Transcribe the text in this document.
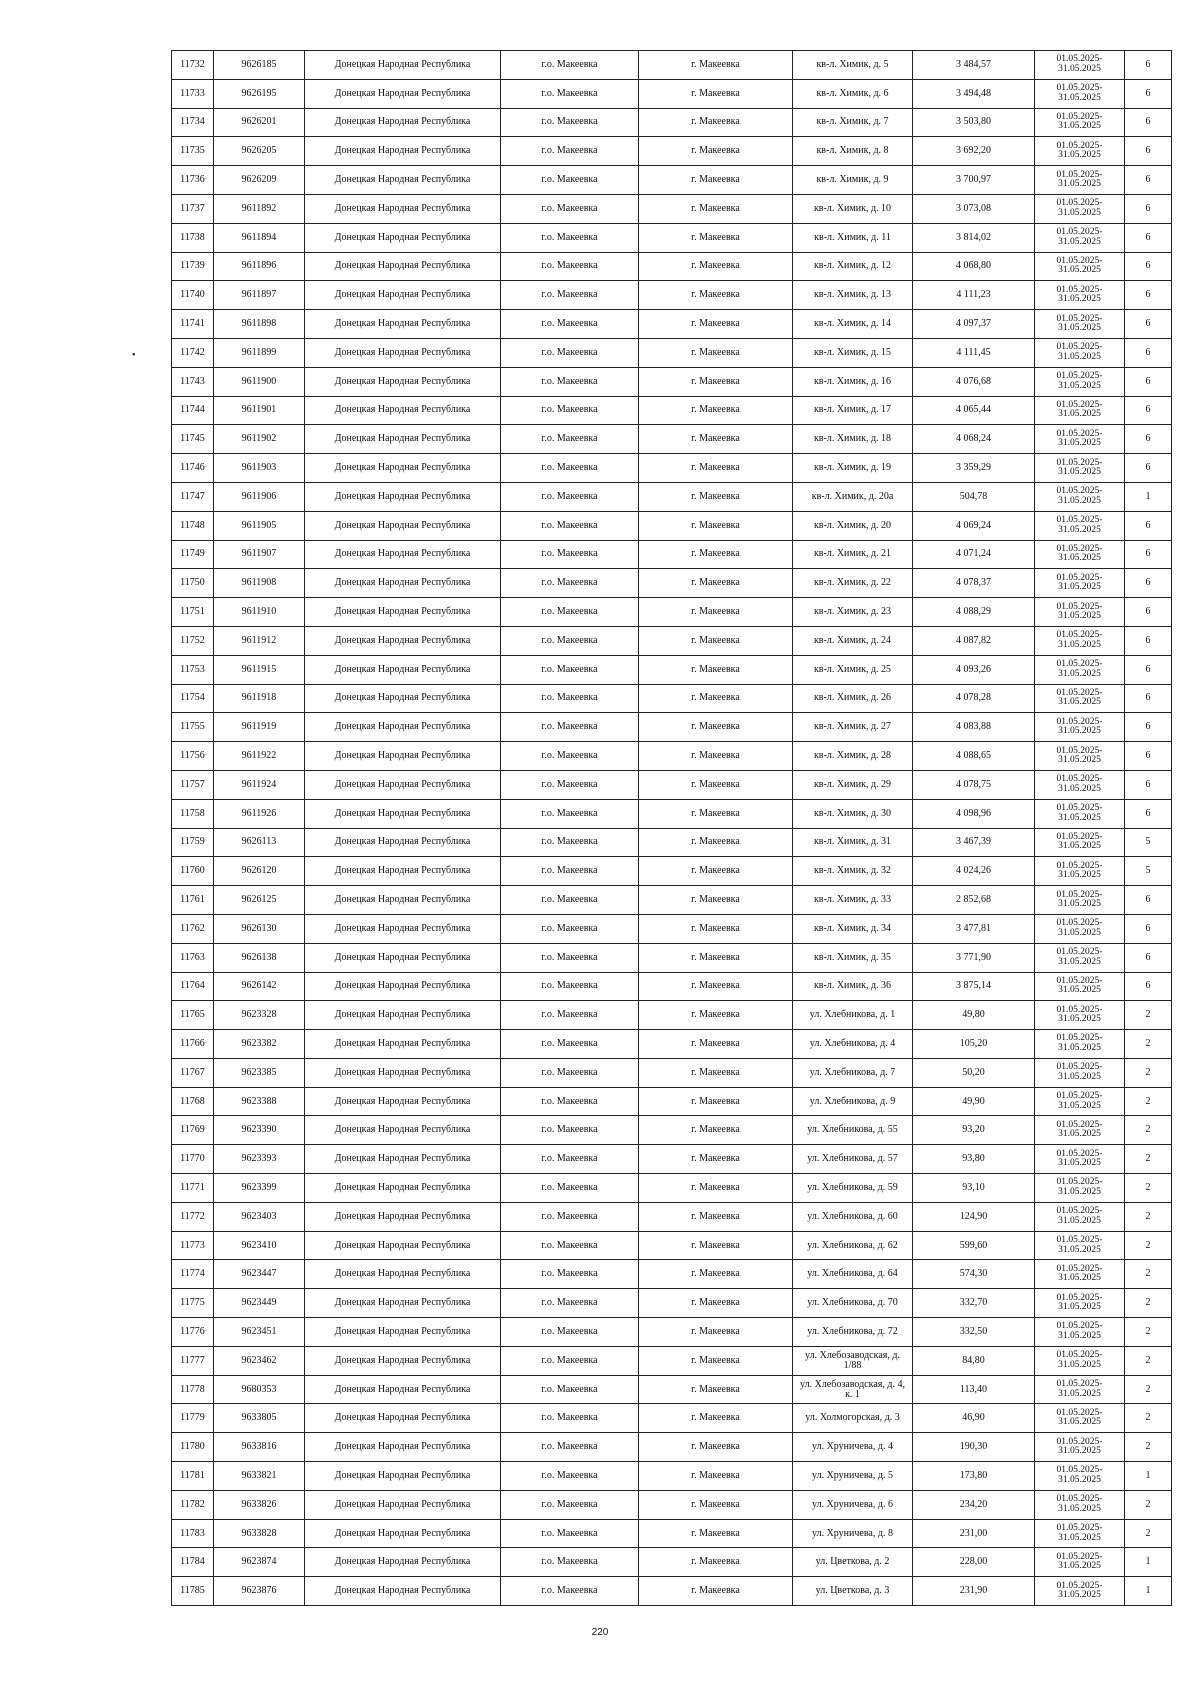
•
11732	9626185	Донецкая Народная Республика	г.о. Макеевка	г. Макеевка	кв-л. Химик, д. 5	3 484,57	01.05.2025-31.05.2025	6
11733	9626195	Донецкая Народная Республика	г.о. Макеевка	г. Макеевка	кв-л. Химик, д. 6	3 494,48	01.05.2025-31.05.2025	6
11734	9626201	Донецкая Народная Республика	г.о. Макеевка	г. Макеевка	кв-л. Химик, д. 7	3 503,80	01.05.2025-31.05.2025	6
11735	9626205	Донецкая Народная Республика	г.о. Макеевка	г. Макеевка	кв-л. Химик, д. 8	3 692,20	01.05.2025-31.05.2025	6
11736	9626209	Донецкая Народная Республика	г.о. Макеевка	г. Макеевка	кв-л. Химик, д. 9	3 700,97	01.05.2025-31.05.2025	6
11737	9611892	Донецкая Народная Республика	г.о. Макеевка	г. Макеевка	кв-л. Химик, д. 10	3 073,08	01.05.2025-31.05.2025	6
11738	9611894	Донецкая Народная Республика	г.о. Макеевка	г. Макеевка	кв-л. Химик, д. 11	3 814,02	01.05.2025-31.05.2025	6
11739	9611896	Донецкая Народная Республика	г.о. Макеевка	г. Макеевка	кв-л. Химик, д. 12	4 068,80	01.05.2025-31.05.2025	6
11740	9611897	Донецкая Народная Республика	г.о. Макеевка	г. Макеевка	кв-л. Химик, д. 13	4 111,23	01.05.2025-31.05.2025	6
11741	9611898	Донецкая Народная Республика	г.о. Макеевка	г. Макеевка	кв-л. Химик, д. 14	4 097,37	01.05.2025-31.05.2025	6
11742	9611899	Донецкая Народная Республика	г.о. Макеевка	г. Макеевка	кв-л. Химик, д. 15	4 111,45	01.05.2025-31.05.2025	6
11743	9611900	Донецкая Народная Республика	г.о. Макеевка	г. Макеевка	кв-л. Химик, д. 16	4 076,68	01.05.2025-31.05.2025	6
11744	9611901	Донецкая Народная Республика	г.о. Макеевка	г. Макеевка	кв-л. Химик, д. 17	4 065,44	01.05.2025-31.05.2025	6
11745	9611902	Донецкая Народная Республика	г.о. Макеевка	г. Макеевка	кв-л. Химик, д. 18	4 068,24	01.05.2025-31.05.2025	6
11746	9611903	Донецкая Народная Республика	г.о. Макеевка	г. Макеевка	кв-л. Химик, д. 19	3 359,29	01.05.2025-31.05.2025	6
11747	9611906	Донецкая Народная Республика	г.о. Макеевка	г. Макеевка	кв-л. Химик, д. 20а	504,78	01.05.2025-31.05.2025	1
11748	9611905	Донецкая Народная Республика	г.о. Макеевка	г. Макеевка	кв-л. Химик, д. 20	4 069,24	01.05.2025-31.05.2025	6
11749	9611907	Донецкая Народная Республика	г.о. Макеевка	г. Макеевка	кв-л. Химик, д. 21	4 071,24	01.05.2025-31.05.2025	6
11750	9611908	Донецкая Народная Республика	г.о. Макеевка	г. Макеевка	кв-л. Химик, д. 22	4 078,37	01.05.2025-31.05.2025	6
11751	9611910	Донецкая Народная Республика	г.о. Макеевка	г. Макеевка	кв-л. Химик, д. 23	4 088,29	01.05.2025-31.05.2025	6
11752	9611912	Донецкая Народная Республика	г.о. Макеевка	г. Макеевка	кв-л. Химик, д. 24	4 087,82	01.05.2025-31.05.2025	6
11753	9611915	Донецкая Народная Республика	г.о. Макеевка	г. Макеевка	кв-л. Химик, д. 25	4 093,26	01.05.2025-31.05.2025	6
11754	9611918	Донецкая Народная Республика	г.о. Макеевка	г. Макеевка	кв-л. Химик, д. 26	4 078,28	01.05.2025-31.05.2025	6
11755	9611919	Донецкая Народная Республика	г.о. Макеевка	г. Макеевка	кв-л. Химик, д. 27	4 083,88	01.05.2025-31.05.2025	6
11756	9611922	Донецкая Народная Республика	г.о. Макеевка	г. Макеевка	кв-л. Химик, д. 28	4 088,65	01.05.2025-31.05.2025	6
11757	9611924	Донецкая Народная Республика	г.о. Макеевка	г. Макеевка	кв-л. Химик, д. 29	4 078,75	01.05.2025-31.05.2025	6
11758	9611926	Донецкая Народная Республика	г.о. Макеевка	г. Макеевка	кв-л. Химик, д. 30	4 098,96	01.05.2025-31.05.2025	6
11759	9626113	Донецкая Народная Республика	г.о. Макеевка	г. Макеевка	кв-л. Химик, д. 31	3 467,39	01.05.2025-31.05.2025	5
11760	9626120	Донецкая Народная Республика	г.о. Макеевка	г. Макеевка	кв-л. Химик, д. 32	4 024,26	01.05.2025-31.05.2025	5
11761	9626125	Донецкая Народная Республика	г.о. Макеевка	г. Макеевка	кв-л. Химик, д. 33	2 852,68	01.05.2025-31.05.2025	6
11762	9626130	Донецкая Народная Республика	г.о. Макеевка	г. Макеевка	кв-л. Химик, д. 34	3 477,81	01.05.2025-31.05.2025	6
11763	9626138	Донецкая Народная Республика	г.о. Макеевка	г. Макеевка	кв-л. Химик, д. 35	3 771,90	01.05.2025-31.05.2025	6
11764	9626142	Донецкая Народная Республика	г.о. Макеевка	г. Макеевка	кв-л. Химик, д. 36	3 875,14	01.05.2025-31.05.2025	6
11765	9623328	Донецкая Народная Республика	г.о. Макеевка	г. Макеевка	ул. Хлебникова, д. 1	49,80	01.05.2025-31.05.2025	2
11766	9623382	Донецкая Народная Республика	г.о. Макеевка	г. Макеевка	ул. Хлебникова, д. 4	105,20	01.05.2025-31.05.2025	2
11767	9623385	Донецкая Народная Республика	г.о. Макеевка	г. Макеевка	ул. Хлебникова, д. 7	50,20	01.05.2025-31.05.2025	2
11768	9623388	Донецкая Народная Республика	г.о. Макеевка	г. Макеевка	ул. Хлебникова, д. 9	49,90	01.05.2025-31.05.2025	2
11769	9623390	Донецкая Народная Республика	г.о. Макеевка	г. Макеевка	ул. Хлебникова, д. 55	93,20	01.05.2025-31.05.2025	2
11770	9623393	Донецкая Народная Республика	г.о. Макеевка	г. Макеевка	ул. Хлебникова, д. 57	93,80	01.05.2025-31.05.2025	2
11771	9623399	Донецкая Народная Республика	г.о. Макеевка	г. Макеевка	ул. Хлебникова, д. 59	93,10	01.05.2025-31.05.2025	2
11772	9623403	Донецкая Народная Республика	г.о. Макеевка	г. Макеевка	ул. Хлебникова, д. 60	124,90	01.05.2025-31.05.2025	2
11773	9623410	Донецкая Народная Республика	г.о. Макеевка	г. Макеевка	ул. Хлебникова, д. 62	599,60	01.05.2025-31.05.2025	2
11774	9623447	Донецкая Народная Республика	г.о. Макеевка	г. Макеевка	ул. Хлебникова, д. 64	574,30	01.05.2025-31.05.2025	2
11775	9623449	Донецкая Народная Республика	г.о. Макеевка	г. Макеевка	ул. Хлебникова, д. 70	332,70	01.05.2025-31.05.2025	2
11776	9623451	Донецкая Народная Республика	г.о. Макеевка	г. Макеевка	ул. Хлебникова, д. 72	332,50	01.05.2025-31.05.2025	2
11777	9623462	Донецкая Народная Республика	г.о. Макеевка	г. Макеевка	ул. Хлебозаводская, д. 1/88	84,80	01.05.2025-31.05.2025	2
11778	9680353	Донецкая Народная Республика	г.о. Макеевка	г. Макеевка	ул. Хлебозаводская, д. 4, к. 1	113,40	01.05.2025-31.05.2025	2
11779	9633805	Донецкая Народная Республика	г.о. Макеевка	г. Макеевка	ул. Холмогорская, д. 3	46,90	01.05.2025-31.05.2025	2
11780	9633816	Донецкая Народная Республика	г.о. Макеевка	г. Макеевка	ул. Хруничева, д. 4	190,30	01.05.2025-31.05.2025	2
11781	9633821	Донецкая Народная Республика	г.о. Макеевка	г. Макеевка	ул. Хруничева, д. 5	173,80	01.05.2025-31.05.2025	1
11782	9633826	Донецкая Народная Республика	г.о. Макеевка	г. Макеевка	ул. Хруничева, д. 6	234,20	01.05.2025-31.05.2025	2
11783	9633828	Донецкая Народная Республика	г.о. Макеевка	г. Макеевка	ул. Хруничева, д. 8	231,00	01.05.2025-31.05.2025	2
11784	9623874	Донецкая Народная Республика	г.о. Макеевка	г. Макеевка	ул. Цветкова, д. 2	228,00	01.05.2025-31.05.2025	1
11785	9623876	Донецкая Народная Республика	г.о. Макеевка	г. Макеевка	ул. Цветкова, д. 3	231,90	01.05.2025-31.05.2025	1
220
